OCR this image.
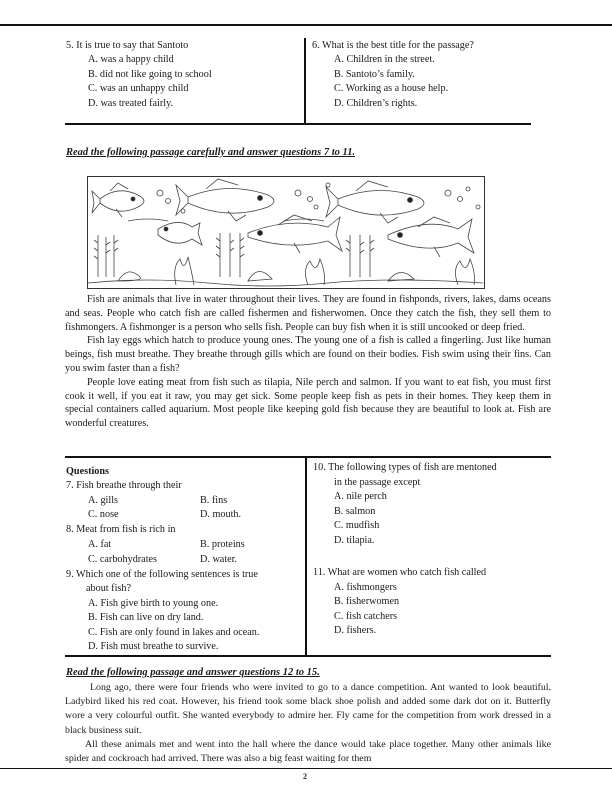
5. It is true to say that Santoto
A. was a happy child
B. did not like going to school
C. was an unhappy child
D. was treated fairly.
6. What is the best title for the passage?
A. Children in the street.
B. Santoto’s family.
C. Working as a house help.
D. Children’s rights.
Read the following passage carefully and answer questions 7 to 11.

Fish are animals that live in water throughout their lives. They are found in fishponds, rivers, lakes, dams oceans and seas. People who catch fish are called fishermen and fisherwomen. Once they catch the fish, they sell them to fishmongers. A fishmonger is a person who sells fish. People can buy fish when it is still uncooked or deep fried.

Fish lay eggs which hatch to produce young ones. The young one of a fish is called a fingerling. Just like human beings, fish must breathe. They breathe through gills which are found on their bodies. Fish swim using their fins. Can you swim faster than a fish?

People love eating meat from fish such as tilapia, Nile perch and salmon. If you want to eat fish, you must first cook it well, if you eat it raw, you may get sick. Some people keep fish as pets in their homes. They keep them in special containers called aquarium. Most people like keeping gold fish because they are beautiful to look at. Fish are wonderful creatures.

Questions
7. Fish breathe through their
A. gills	B. fins
C. nose	D. mouth.
8. Meat from fish is rich in
A. fat	B. proteins
C. carbohydrates	D. water.
9. Which one of the following sentences is true
about fish?
A. Fish give birth to young one.
B. Fish can live on dry land.
C. Fish are only found in lakes and ocean.
D. Fish must breathe to survive.
10. The following types of fish are mentoned
in the passage except
A. nile perch
B. salmon
C. mudfish
D. tilapia.
11. What are women who catch fish called
A. fishmongers
B. fisherwomen
C. fish catchers
D. fishers.
Read the following passage and answer questions 12 to 15.

Long ago, there were four friends who were invited to go to a dance competition. Ant wanted to look beautiful. Ladybird liked his red coat. However, his friend took some black shoe polish and added some dark dot on it. Butterfly wore a very colourful outfit. She wanted everybody to admire her. Fly came for the competition from work dressed in a black business suit.

All these animals met and went into the hall where the dance would take place together. Many other animals like spider and cockroach had arrived. There was also a big feast waiting for them

2
